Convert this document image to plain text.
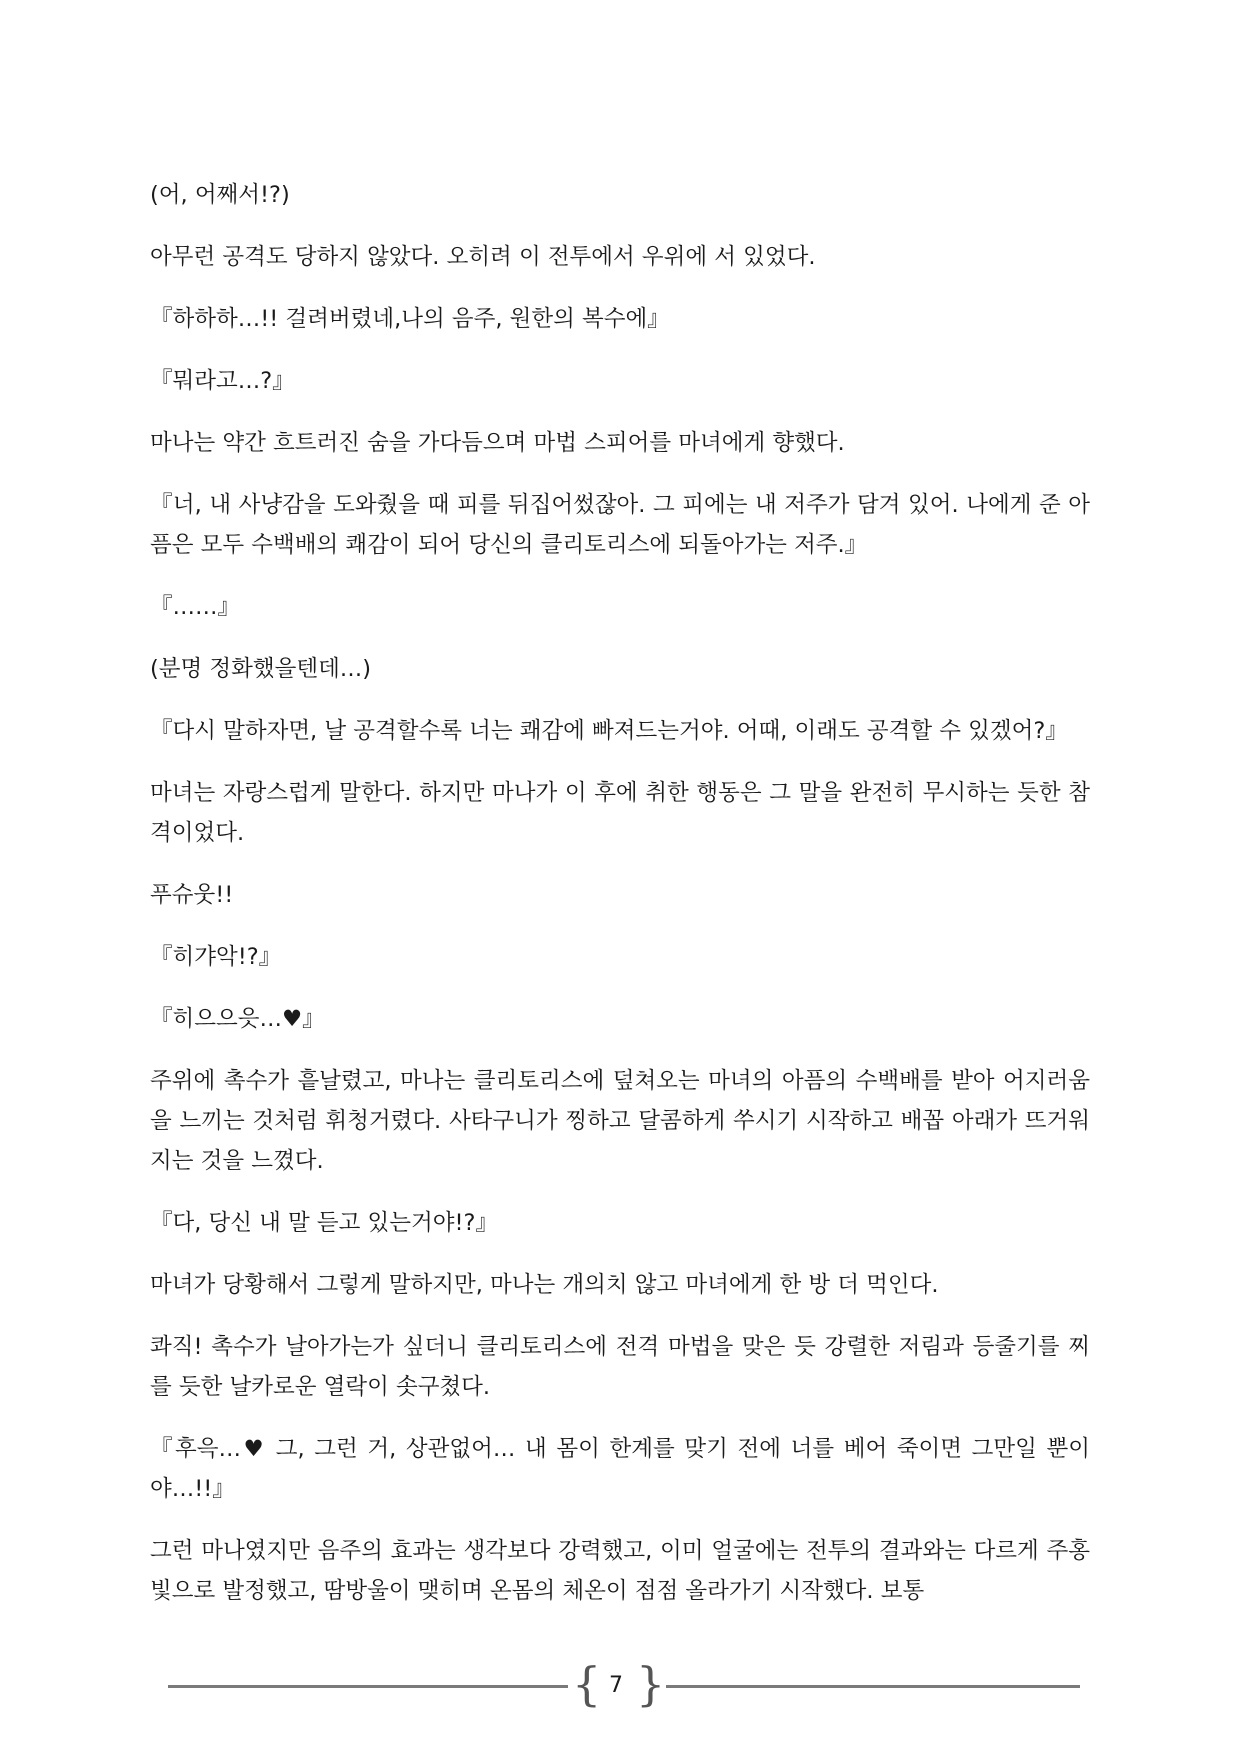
(어, 어째서!?)

아무런 공격도 당하지 않았다. 오히려 이 전투에서 우위에 서 있었다.

『하하하…!! 걸려버렸네,나의 음주, 원한의 복수에』

『뭐라고…?』

마나는 약간 흐트러진 숨을 가다듬으며 마법 스피어를 마녀에게 향했다.

『너, 내 사냥감을 도와줬을 때 피를 뒤집어썼잖아. 그 피에는 내 저주가 담겨 있어. 나에게 준 아픔은 모두 수백배의 쾌감이 되어 당신의 클리토리스에 되돌아가는 저주.』

『……』

(분명 정화했을텐데…)

『다시 말하자면, 날 공격할수록 너는 쾌감에 빠져드는거야. 어때, 이래도 공격할 수 있겠어?』

마녀는 자랑스럽게 말한다. 하지만 마나가 이 후에 취한 행동은 그 말을 완전히 무시하는 듯한 참격이었다.

푸슈웃!!

『히갸악!?』

『히으으읏…♥』

주위에 촉수가 흩날렸고, 마나는 클리토리스에 덮쳐오는 마녀의 아픔의 수백배를 받아 어지러움을 느끼는 것처럼 휘청거렸다. 사타구니가 찡하고 달콤하게 쑤시기 시작하고 배꼽 아래가 뜨거워지는 것을 느꼈다.

『다, 당신 내 말 듣고 있는거야!?』

마녀가 당황해서 그렇게 말하지만, 마나는 개의치 않고 마녀에게 한 방 더 먹인다.

콰직! 촉수가 날아가는가 싶더니 클리토리스에 전격 마법을 맞은 듯 강렬한 저림과 등줄기를 찌를 듯한 날카로운 열락이 솟구쳤다.

『후윽…♥ 그, 그런 거, 상관없어… 내 몸이 한계를 맞기 전에 너를 베어 죽이면 그만일 뿐이야…!!』

그런 마나였지만 음주의 효과는 생각보다 강력했고, 이미 얼굴에는 전투의 결과와는 다르게 주홍빛으로 발정했고, 땀방울이 맺히며 온몸의 체온이 점점 올라가기 시작했다. 보통

{ 7 }
